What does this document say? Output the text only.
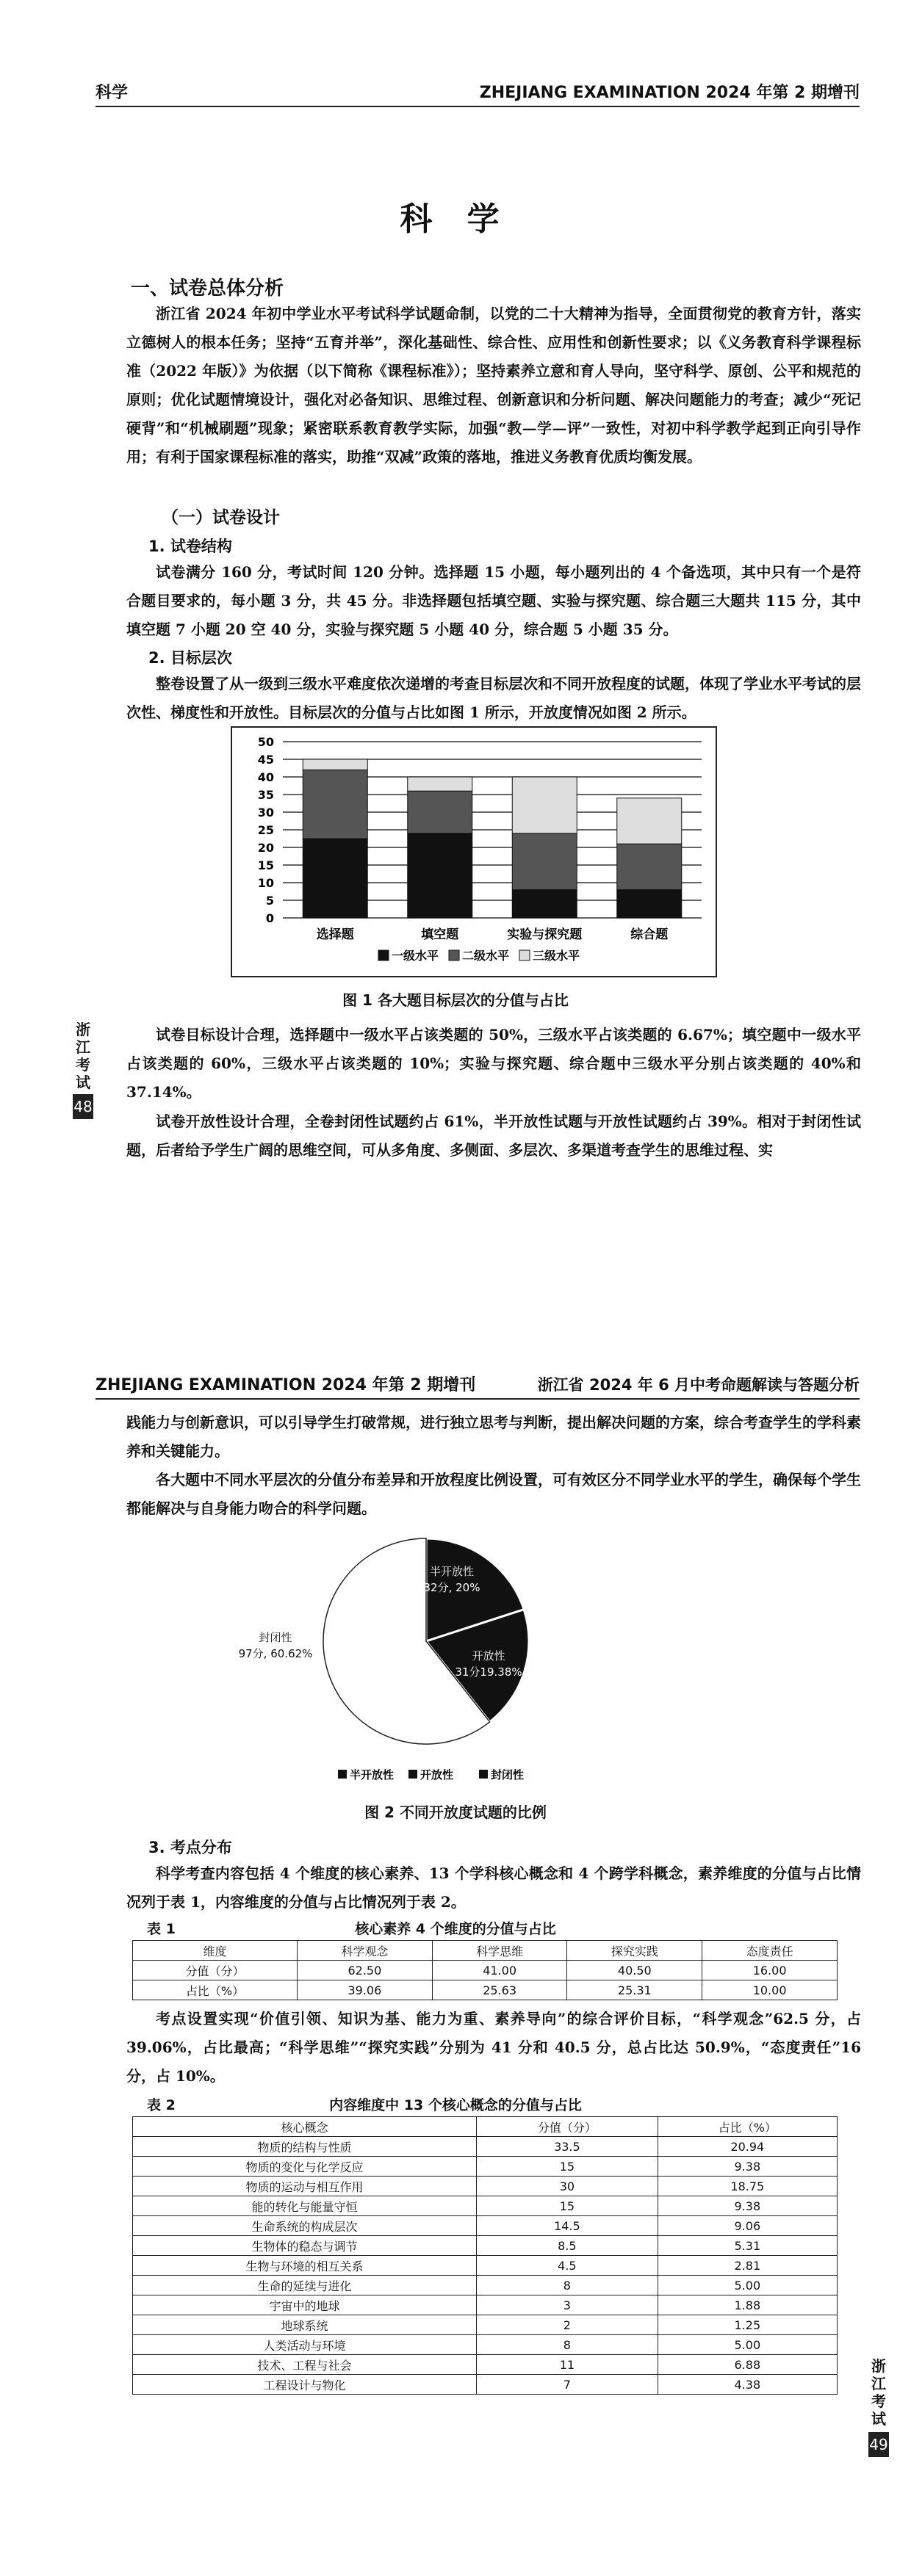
科学	ZHEJIANG EXAMINATION 2024 年第 2 期增刊
科 学
一、试卷总体分析
浙江省 2024 年初中学业水平考试科学试题命制，以党的二十大精神为指导，全面贯彻党的教育方针，落实立德树人的根本任务；坚持“五育并举”，深化基础性、综合性、应用性和创新性要求；以《义务教育科学课程标准（2022 年版）》为依据（以下简称《课程标准》）；坚持素养立意和育人导向，坚守科学、原创、公平和规范的原则；优化试题情境设计，强化对必备知识、思维过程、创新意识和分析问题、解决问题能力的考查；减少“死记硬背”和“机械刷题”现象；紧密联系教育教学实际，加强“教—学—评”一致性，对初中科学教学起到正向引导作用；有利于国家课程标准的落实，助推“双减”政策的落地，推进义务教育优质均衡发展。
（一）试卷设计
1. 试卷结构
试卷满分 160 分，考试时间 120 分钟。选择题 15 小题，每小题列出的 4 个备选项，其中只有一个是符合题目要求的，每小题 3 分，共 45 分。非选择题包括填空题、实验与探究题、综合题三大题共 115 分，其中填空题 7 小题 20 空 40 分，实验与探究题 5 小题 40 分，综合题 5 小题 35 分。
2. 目标层次
整卷设置了从一级到三级水平难度依次递增的考查目标层次和不同开放程度的试题，体现了学业水平考试的层次性、梯度性和开放性。目标层次的分值与占比如图 1 所示，开放度情况如图 2 所示。
0
5
10
15
20
25
30
35
40
45
50
选择题	填空题	实验与探究题	综合题
一级水平 二级水平 三级水平
图 1 各大题目标层次的分值与占比
试卷目标设计合理，选择题中一级水平占该类题的 50%，三级水平占该类题的 6.67%；填空题中一级水平占该类题的 60%，三级水平占该类题的 10%；实验与探究题、综合题中三级水平分别占该类题的 40%和 37.14%。
试卷开放性设计合理，全卷封闭性试题约占 61%，半开放性试题与开放性试题约占 39%。相对于封闭性试题，后者给予学生广阔的思维空间，可从多角度、多侧面、多层次、多渠道考查学生的思维过程、实
浙江考试
48
ZHEJIANG EXAMINATION 2024 年第 2 期增刊	浙江省 2024 年 6 月中考命题解读与答题分析
践能力与创新意识，可以引导学生打破常规，进行独立思考与判断，提出解决问题的方案，综合考查学生的学科素养和关键能力。
各大题中不同水平层次的分值分布差异和开放程度比例设置，可有效区分不同学业水平的学生，确保每个学生都能解决与自身能力吻合的科学问题。
半开放性
32分, 20%
开放性
31分19.38%
封闭性
97分, 60.62%
半开放性 开放性	封闭性
图 2 不同开放度试题的比例
3. 考点分布
科学考查内容包括 4 个维度的核心素养、13 个学科核心概念和 4 个跨学科概念，素养维度的分值与占比情况列于表 1，内容维度的分值与占比情况列于表 2。
表 1	核心素养 4 个维度的分值与占比
维度	科学观念	科学思维	探究实践	态度责任
分值（分）	62.50	41.00	40.50	16.00
占比（%）	39.06	25.63	25.31	10.00
考点设置实现“价值引领、知识为基、能力为重、素养导向”的综合评价目标，“科学观念”62.5 分，占 39.06%，占比最高；“科学思维”“探究实践”分别为 41 分和 40.5 分，总占比达 50.9%，“态度责任”16 分，占 10%。
表 2	内容维度中 13 个核心概念的分值与占比
核心概念	分值（分）	占比（%）
物质的结构与性质	33.5	20.94
物质的变化与化学反应	15	9.38
物质的运动与相互作用	30	18.75
能的转化与能量守恒	15	9.38
生命系统的构成层次	14.5	9.06
生物体的稳态与调节	8.5	5.31
生物与环境的相互关系	4.5	2.81
生命的延续与进化	8	5.00
宇宙中的地球	3	1.88
地球系统	2	1.25
人类活动与环境	8	5.00
技术、工程与社会	11	6.88
工程设计与物化	7	4.38
浙江考试
49
